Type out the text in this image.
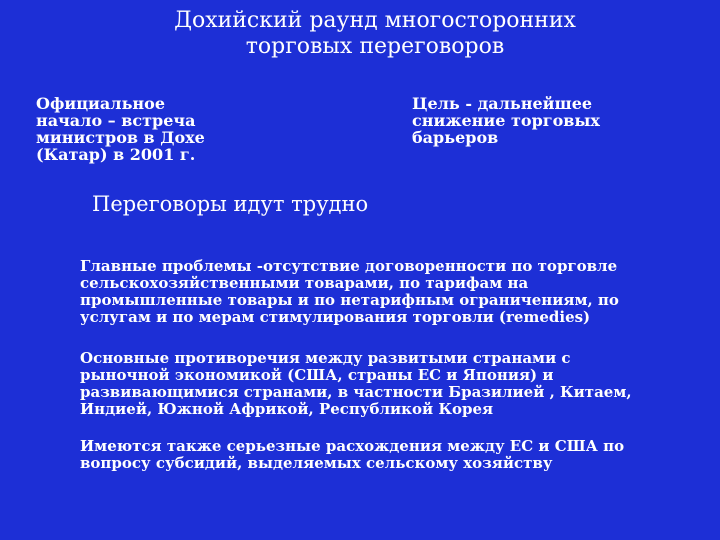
Дохийский раунд многосторонних
торговых переговоров
Официальное
начало – встреча
министров в Дохе
(Катар) в 2001 г.
Цель - дальнейшее
снижение торговых
барьеров
Переговоры идут трудно
Главные проблемы -отсутствие договоренности по торговле
сельскохозяйственными товарами, по тарифам на
промышленные товары и по нетарифным ограничениям, по
услугам и по мерам стимулирования торговли (remedies)
Основные противоречия между развитыми странами с
рыночной экономикой (США, страны ЕС и Япония) и
развивающимися странами, в частности Бразилией , Китаем,
Индией, Южной Африкой, Республикой Корея
Имеются также серьезные расхождения между ЕС и США по
вопросу субсидий, выделяемых сельскому хозяйству
